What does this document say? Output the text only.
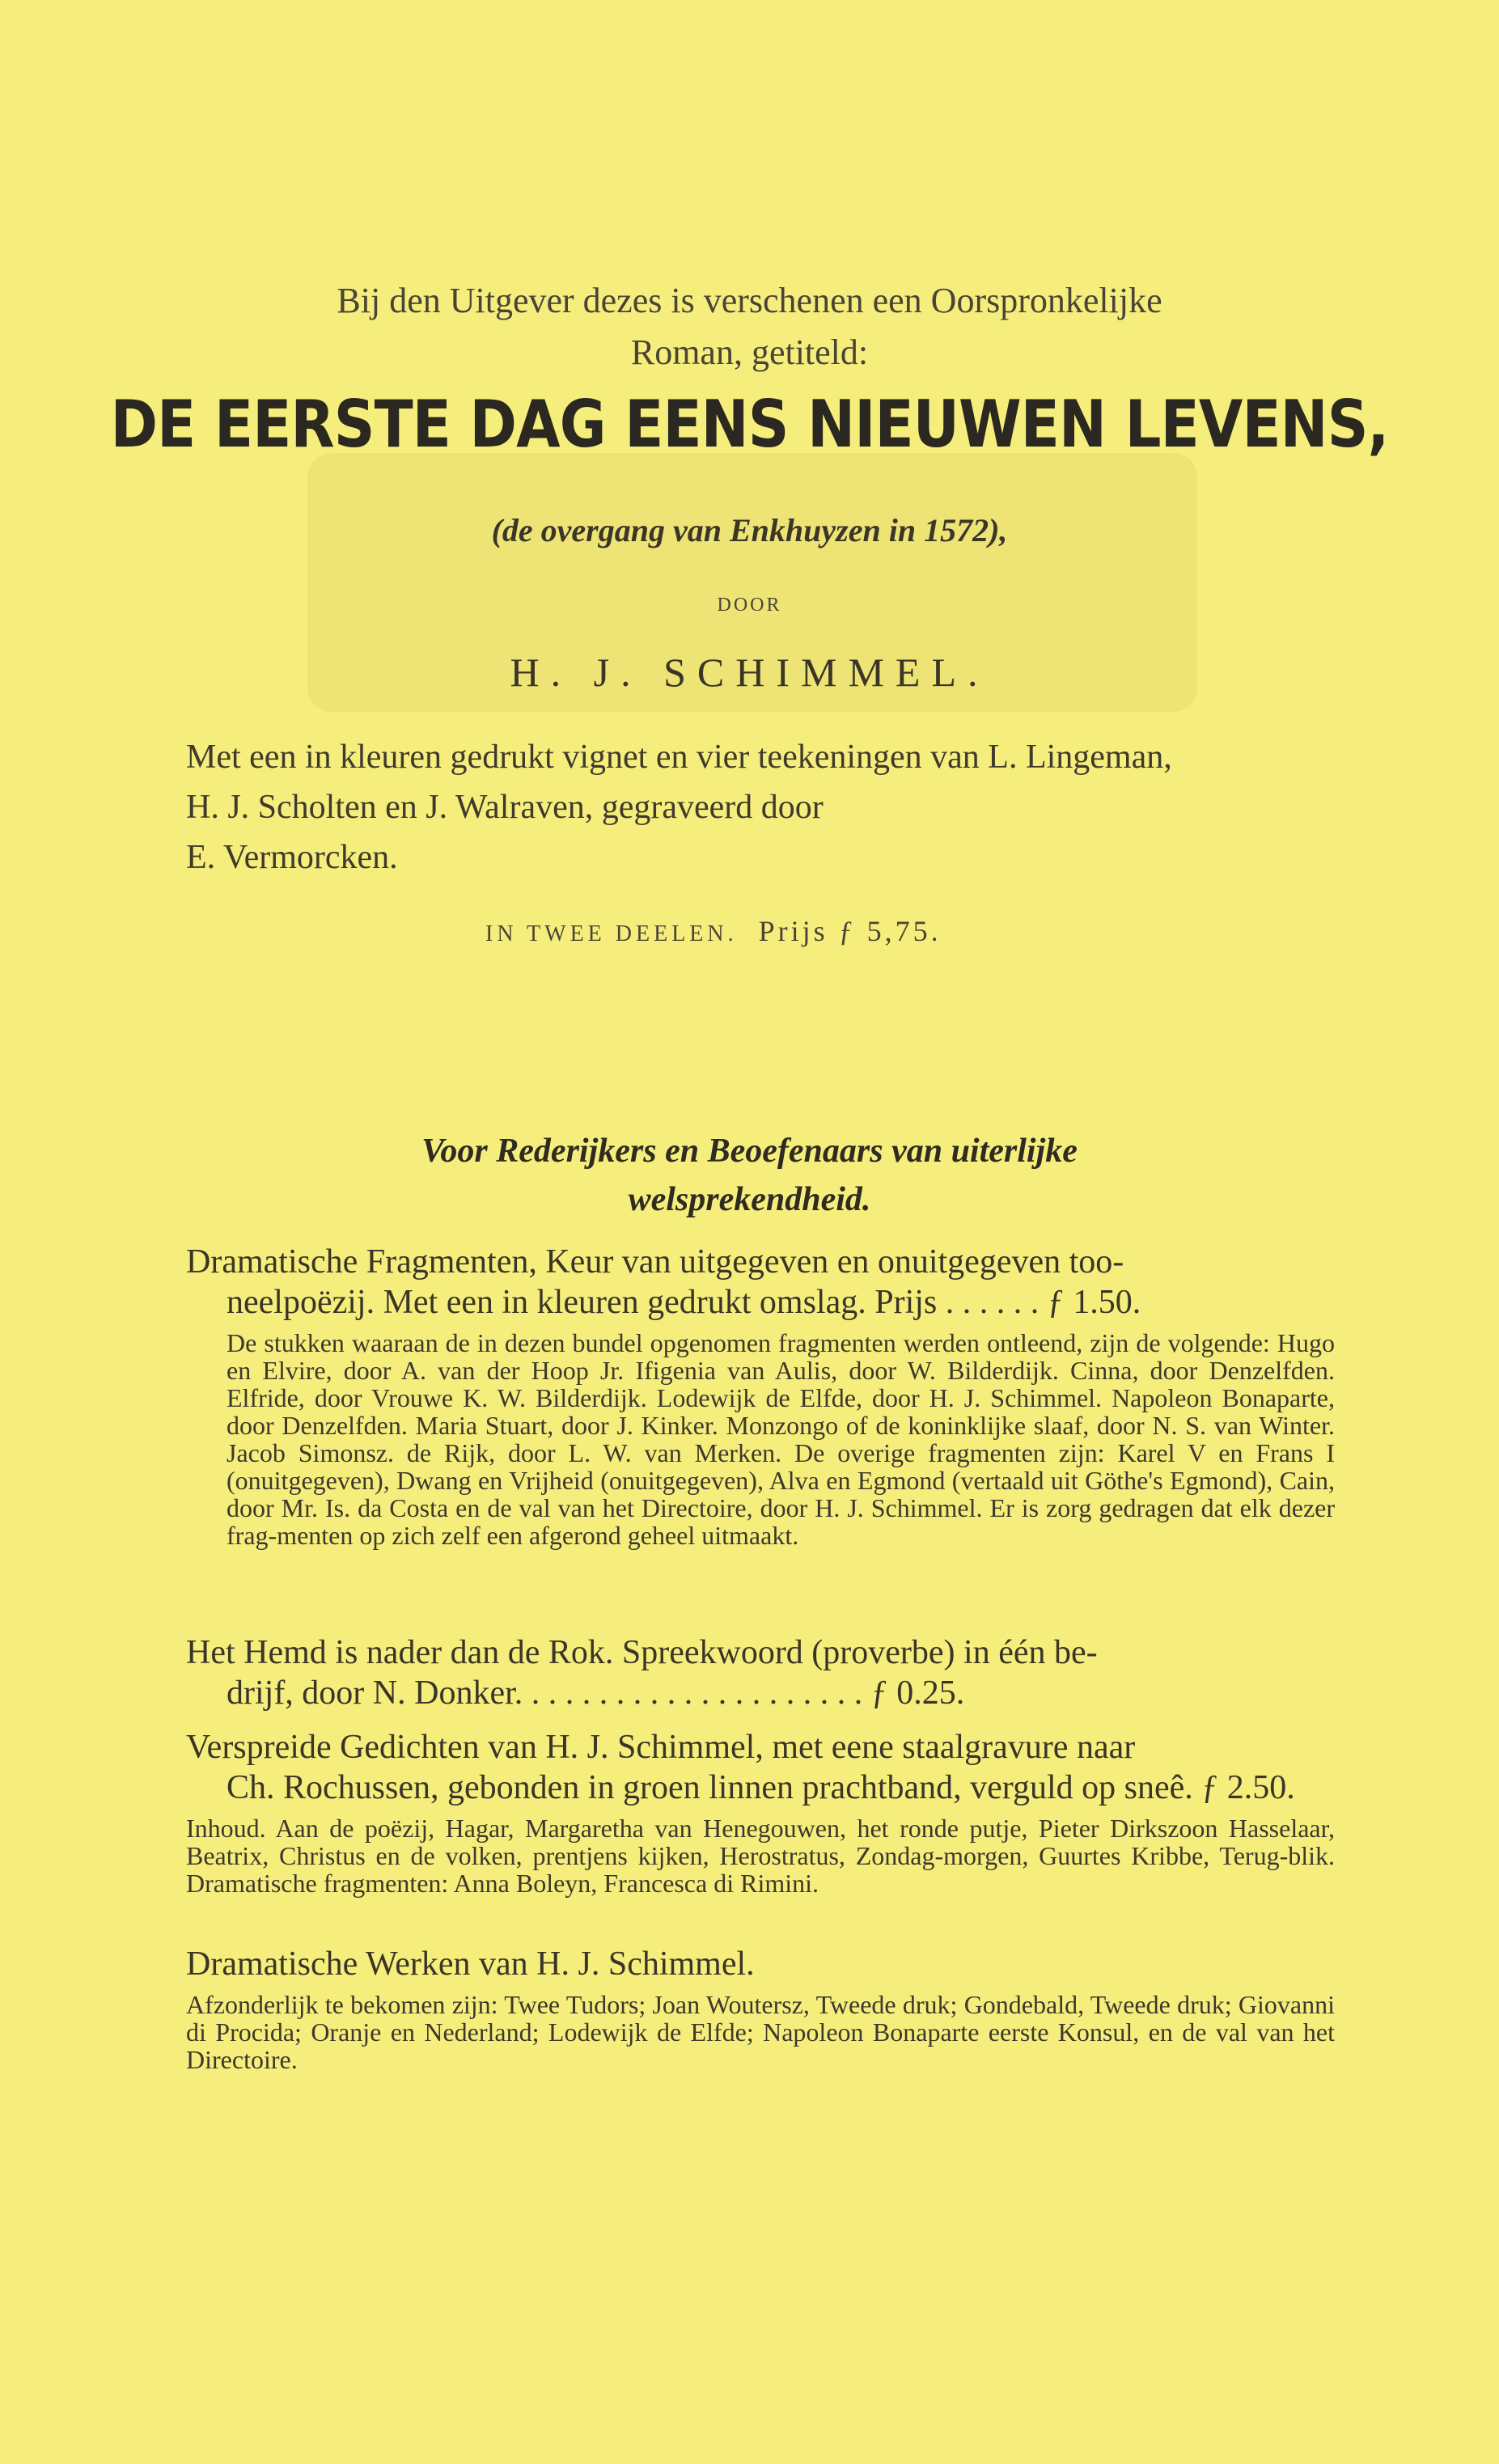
Bij den Uitgever dezes is verschenen een Oorspronkelijke
Roman, getiteld:
DE EERSTE DAG EENS NIEUWEN LEVENS,
(de overgang van Enkhuyzen in 1572),
DOOR
H. J. SCHIMMEL.
Met een in kleuren gedrukt vignet en vier teekeningen van L. Lingeman,
H. J. Scholten en J. Walraven, gegraveerd door
E. Vermorcken.
IN TWEE DEELEN. Prijs ƒ 5,75.
Voor Rederijkers en Beoefenaars van uiterlijke
welsprekendheid.
Dramatische Fragmenten, Keur van uitgegeven en onuitgegeven too-
neelpoëzij. Met een in kleuren gedrukt omslag. Prijs . . . . . . ƒ 1.50.
De stukken waaraan de in dezen bundel opgenomen fragmenten werden ontleend, zijn de volgende: Hugo en Elvire, door A. van der Hoop Jr. Ifigenia van Aulis, door W. Bilderdijk. Cinna, door Denzelfden. Elfride, door Vrouwe K. W. Bilderdijk. Lodewijk de Elfde, door H. J. Schimmel. Napoleon Bonaparte, door Denzelfden. Maria Stuart, door J. Kinker. Monzongo of de koninklijke slaaf, door N. S. van Winter. Jacob Simonsz. de Rijk, door L. W. van Merken. De overige fragmenten zijn: Karel V en Frans I (onuitgegeven), Dwang en Vrijheid (onuitgegeven), Alva en Egmond (vertaald uit Göthe's Egmond), Cain, door Mr. Is. da Costa en de val van het Directoire, door H. J. Schimmel. Er is zorg gedragen dat elk dezer frag-menten op zich zelf een afgerond geheel uitmaakt.
Het Hemd is nader dan de Rok. Spreekwoord (proverbe) in één be-
drijf, door N. Donker. . . . . . . . . . . . . . . . . . . . . ƒ 0.25.
Verspreide Gedichten van H. J. Schimmel, met eene staalgravure naar
Ch. Rochussen, gebonden in groen linnen prachtband, verguld op sneê. ƒ 2.50.
Inhoud. Aan de poëzij, Hagar, Margaretha van Henegouwen, het ronde putje, Pieter Dirkszoon Hasselaar, Beatrix, Christus en de volken, prentjens kijken, Herostratus, Zondag-morgen, Guurtes Kribbe, Terug-blik. Dramatische fragmenten: Anna Boleyn, Francesca di Rimini.
Dramatische Werken van H. J. Schimmel.
Afzonderlijk te bekomen zijn: Twee Tudors; Joan Woutersz, Tweede druk; Gondebald, Tweede druk; Giovanni di Procida; Oranje en Nederland; Lodewijk de Elfde; Napoleon Bonaparte eerste Konsul, en de val van het Directoire.
